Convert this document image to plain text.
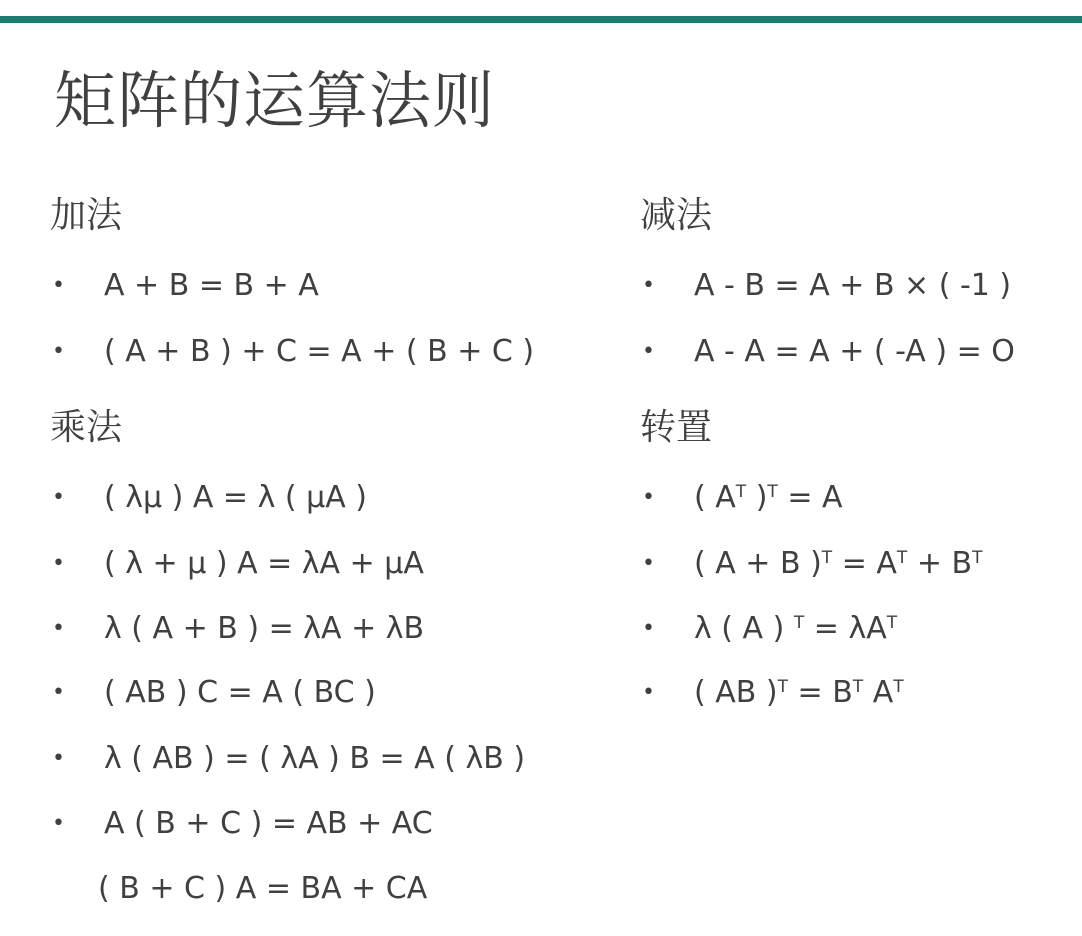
矩阵的运算法则
加法
• A + B = B + A
• ( A + B ) + C = A + ( B + C )
减法
• A - B = A + B × ( -1 )
• A - A = A + ( -A ) = O
乘法
• ( λμ ) A = λ ( μA )
• ( λ + μ ) A = λA + μA
• λ ( A + B ) = λA + λB
• ( AB ) C = A ( BC )
• λ ( AB ) = ( λA ) B = A ( λB )
• A ( B + C ) = AB + AC
( B + C ) A = BA + CA
转置
• ( $A^T$ )$^T$ = A
• ( A + B )$^T = A^T + B^T$
• λ ( A ) $^T = \lambda A^T$
• ( AB )$^T = B^T$ $A^T$
